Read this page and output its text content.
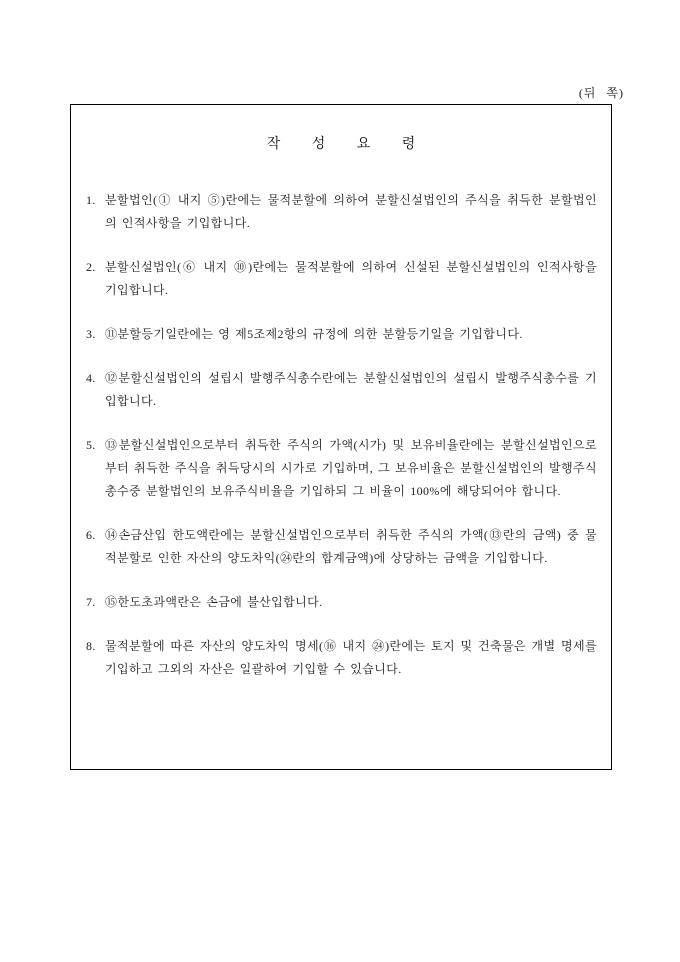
(뒤 쪽)
작 성 요 령
1. 분할법인(① 내지 ⑤)란에는 물적분할에 의하여 분할신설법인의 주식을 취득한 분할법인의 인적사항을 기입합니다.
2. 분할신설법인(⑥ 내지 ⑩)란에는 물적분할에 의하여 신설된 분할신설법인의 인적사항을 기입합니다.
3. ⑪분할등기일란에는 영 제5조제2항의 규정에 의한 분할등기일을 기입합니다.
4. ⑫분할신설법인의 설립시 발행주식총수란에는 분할신설법인의 설립시 발행주식총수를 기입합니다.
5. ⑬분할신설법인으로부터 취득한 주식의 가액(시가) 및 보유비율란에는 분할신설법인으로부터 취득한 주식을 취득당시의 시가로 기입하며, 그 보유비율은 분할신설법인의 발행주식총수중 분할법인의 보유주식비율을 기입하되 그 비율이 100%에 해당되어야 합니다.
6. ⑭손금산입 한도액란에는 분할신설법인으로부터 취득한 주식의 가액(⑬란의 금액) 중 물적분할로 인한 자산의 양도차익(㉔란의 합계금액)에 상당하는 금액을 기입합니다.
7. ⑮한도초과액란은 손금에 불산입합니다.
8. 물적분할에 따른 자산의 양도차익 명세(⑯ 내지 ㉔)란에는 토지 및 건축물은 개별 명세를 기입하고 그외의 자산은 일괄하여 기입할 수 있습니다.
